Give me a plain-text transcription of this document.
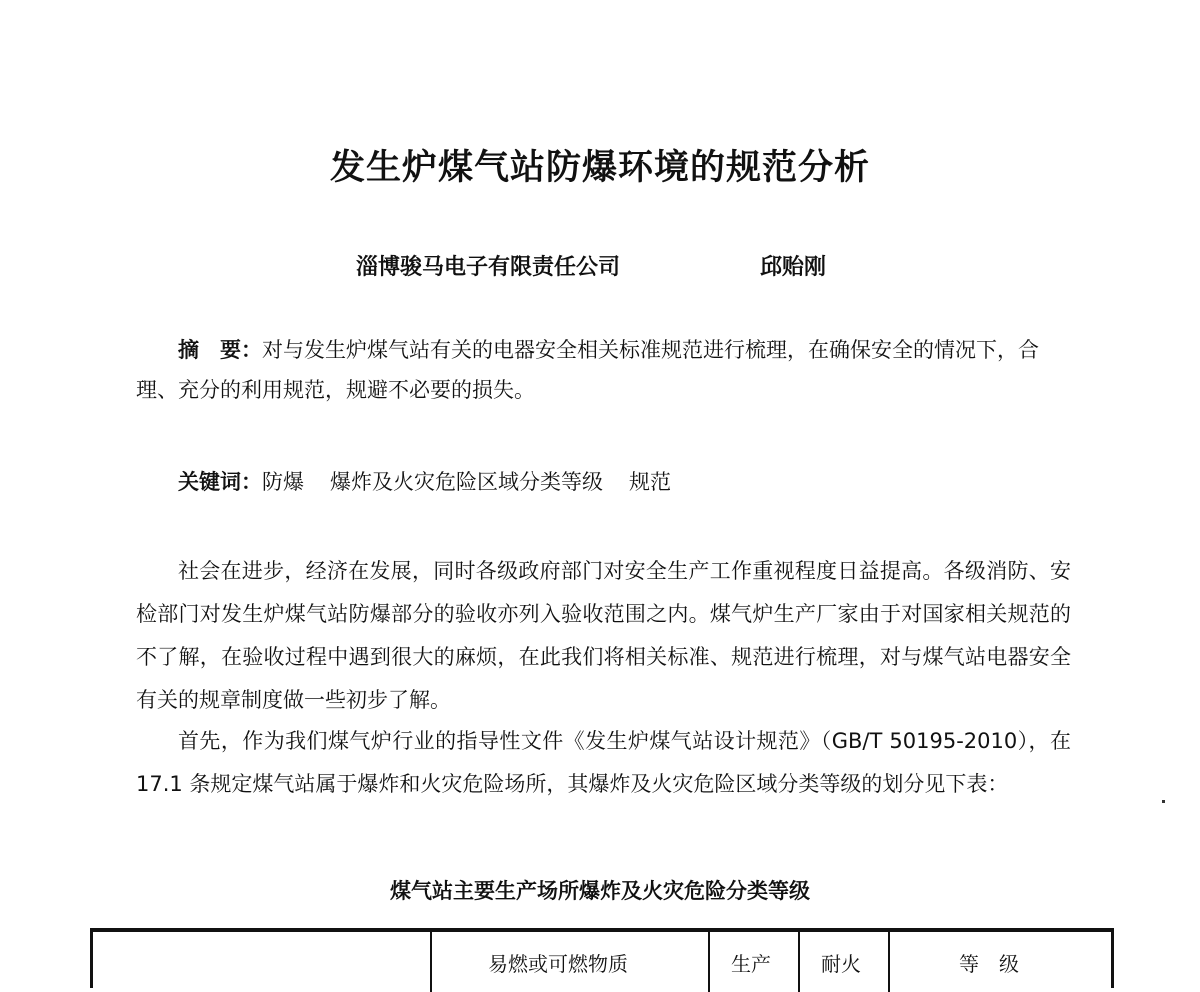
发生炉煤气站防爆环境的规范分析
淄博骏马电子有限责任公司	邱贻刚

摘　要：对与发生炉煤气站有关的电器安全相关标准规范进行梳理，在确保安全的情况下，合理、充分的利用规范，规避不必要的损失。

关键词：防爆 爆炸及火灾危险区域分类等级 规范

社会在进步，经济在发展，同时各级政府部门对安全生产工作重视程度日益提高。各级消防、安检部门对发生炉煤气站防爆部分的验收亦列入验收范围之内。煤气炉生产厂家由于对国家相关规范的不了解，在验收过程中遇到很大的麻烦，在此我们将相关标准、规范进行梳理，对与煤气站电器安全有关的规章制度做一些初步了解。

首先，作为我们煤气炉行业的指导性文件《发生炉煤气站设计规范》（GB/T 50195-2010），在 17.1 条规定煤气站属于爆炸和火灾危险场所，其爆炸及火灾危险区域分类等级的划分见下表：

煤气站主要生产场所爆炸及火灾危险分类等级
易燃或可燃物质	生产	耐火	等　级
